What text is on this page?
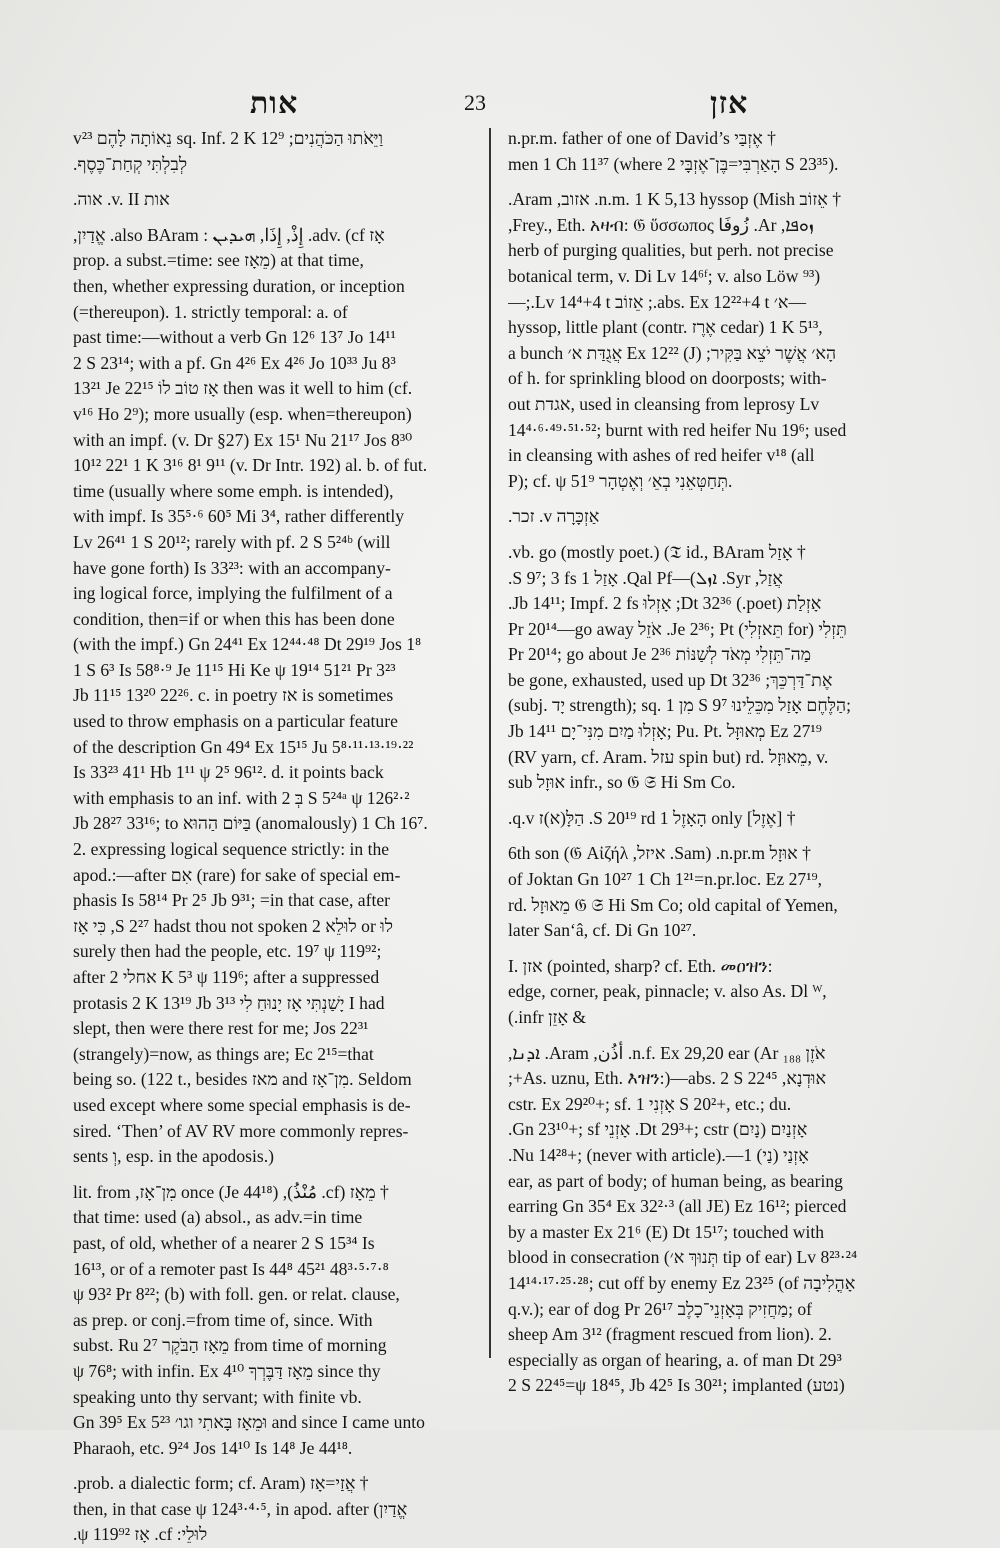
אות	23	אזן
וַיֵּאֹתוּ הַכֹּהֲנִים; sq. Inf. 2 K 12⁹ נֵאוֹתָה לָהֶם v²³
לְבִלְתִּי קְחַת־כֶּסֶף.
אות v. II. אוה.
אָז adv. (cf. ﺇِذْ, ﺇِذَا, ܗܝܕܝܢ : also BAram. אֱדַיִן,
prop. a subst.=time: see מֵאָז) at that time,
then, whether expressing duration, or inception
(=thereupon). 1. strictly temporal: a. of
past time:—without a verb Gn 12⁶ 13⁷ Jo 14¹¹
2 S 23¹⁴; with a pf. Gn 4²⁶ Ex 4²⁶ Jo 10³³ Ju 8³
13²¹ Je 22¹⁵ אָז טוֹב לוֹ then was it well to him (cf.
v¹⁶ Ho 2⁹); more usually (esp. when=thereupon)
with an impf. (v. Dr §27) Ex 15¹ Nu 21¹⁷ Jos 8³⁰
10¹² 22¹ 1 K 3¹⁶ 8¹ 9¹¹ (v. Dr Intr. 192) al. b. of fut.
time (usually where some emph. is intended),
with impf. Is 35⁵·⁶ 60⁵ Mi 3⁴, rather differently
Lv 26⁴¹ 1 S 20¹²; rarely with pf. 2 S 5²⁴ᵇ (will
have gone forth) Is 33²³: with an accompany-
ing logical force, implying the fulfilment of a
condition, then=if or when this has been done
(with the impf.) Gn 24⁴¹ Ex 12⁴⁴·⁴⁸ Dt 29¹⁹ Jos 1⁸
1 S 6³ Is 58⁸·⁹ Je 11¹⁵ Hi Ke ψ 19¹⁴ 51²¹ Pr 3²³
Jb 11¹⁵ 13²⁰ 22²⁶. c. in poetry אז is sometimes
used to throw emphasis on a particular feature
of the description Gn 49⁴ Ex 15¹⁵ Ju 5⁸·¹¹·¹³·¹⁹·²²
Is 33²³ 41¹ Hb 1¹¹ ψ 2⁵ 96¹². d. it points back
with emphasis to an inf. with בְּ 2 S 5²⁴ᵃ ψ 126²·²
Jb 28²⁷ 33¹⁶; to בַּיּוֹם הַהוּא (anomalously) 1 Ch 16⁷.
2. expressing logical sequence strictly: in the
apod.:—after אִם (rare) for sake of special em-
phasis Is 58¹⁴ Pr 2⁵ Jb 9³¹; =in that case, after
לוּ or לוּלֵא 2 S 2²⁷ hadst thou not spoken, כִּי אָז
surely then had the people, etc. 19⁷ ψ 119⁹²;
after אחלי 2 K 5³ ψ 119⁶; after a suppressed
protasis 2 K 13¹⁹ Jb 3¹³ יָשַׁנְתִּי אָז יָנוּחַ לִי I had
slept, then were there rest for me; Jos 22³¹
(strangely)=now, as things are; Ec 2¹⁵=that
being so. (122 t., besides מאז and מִן־אָז. Seldom
used except where some special emphasis is de-
sired. ‘Then’ of AV RV more commonly repres-
sents וְ, esp. in the apodosis.)
† מֵאָז (cf. مُنْذُ), once (Je 44¹⁸) מִן־אָז, lit. from
that time: used (a) absol., as adv.=in time
past, of old, whether of a nearer 2 S 15³⁴ Is
16¹³, or of a remoter past Is 44⁸ 45²¹ 48³·⁵·⁷·⁸
ψ 93² Pr 8²²; (b) with foll. gen. or relat. clause,
as prep. or conj.=from time of, since. With
subst. Ru 2⁷ מֵאָז הַבֹּקֶר from time of morning
ψ 76⁸; with infin. Ex 4¹⁰ מֵאָז דַּבֶּרְךָ since thy
speaking unto thy servant; with finite vb.
Gn 39⁵ Ex 5²³ וּמֵאָז בָּאתִי וגו׳ and since I came unto
Pharaoh, etc. 9²⁴ Jos 14¹⁰ Is 14⁸ Je 44¹⁸.
† אֲזַי=אָז (prob. a dialectic form; cf. Aram.
אֱדַיִן) then, in that case ψ 124³·⁴·⁵, in apod. after
לוּלֵי: cf. אָז ψ 119⁹².
† אֶזְבַּי n.pr.m. father of one of David’s
men 1 Ch 11³⁷ (where הָאַרְבִּי=בֶּן־אֶזְבָּי 2 S 23³⁵).
† אֵזוֹב n.m. 1 K 5,13 hyssop (Mish. אזוב, Aram.
ܙܘܦܐ, Ar. زُوفَا Frey., Eth. አዛብ: 𝔊 ὕσσωπος,
herb of purging qualities, but perh. not precise
botanical term, v. Di Lv 14⁶ᶠ; v. also Löw ⁹³)
—א׳ abs. Ex 12²²+4 t.; אֵזוֹב Lv 14⁴+4 t.;—
hyssop, little plant (contr. אֶרֶז cedar) 1 K 5¹³,
הָא׳ אֲשֶׁר יֹצֵא בַּקִּיר; Ex 12²² (J) אֲגֻדַּת א׳ a bunch
of h. for sprinkling blood on doorposts; with-
out אגדת, used in cleansing from leprosy Lv
14⁴·⁶·⁴⁹·⁵¹·⁵²; burnt with red heifer Nu 19⁶; used
in cleansing with ashes of red heifer v¹⁸ (all
P); cf. ψ 51⁹ תְּחַטְּאֵנִי בְאֵ׳ וְאֶטְהָר.
אַזְכָּרָה v. זכר.
† אָזַל vb. go (mostly poet.) (𝔗 id., BAram.
אֲזַל, Syr. ܐܙܠ)—Qal Pf. אָזַל 1 S 9⁷; 3 fs.
אָזְלַת (poet.) Dt 32³⁶; אָזְלוּ Jb 14¹¹; Impf. 2 fs.
תֵּזְלִי (for תֵּאזְלִי) Je 2³⁶; Pt. אֹזֵל Pr 20¹⁴—go away
Pr 20¹⁴; go about Je 2³⁶ מַה־תֵּזְלִי מְאֹד לְשַׁנּוֹת
אֶת־דַּרְכֵּךְ; be gone, exhausted, used up Dt 32³⁶
(subj. יָד strength); sq. מִן 1 S 9⁷ הַלֶּחֶם אָזַל מִכֵּלֵינוּ;
Jb 14¹¹ אָזְלוּ מַיִם מִנִּי־יָם; Pu. Pt. מְאוּזָּל Ez 27¹⁹
(RV yarn, cf. Aram. עזל spin but) rd. מֵאוּזָל, v.
sub אוּזָל infr., so 𝔊 𝔖 Hi Sm Co.
† [אֶזֶל] only הָאָזֶל 1 S 20¹⁹ rd. הַלָּ(א)ז q.v.
† אוּזָל n.pr.m. (Sam. איזל, 𝔊 Αἰζήλ) 6th son
of Joktan Gn 10²⁷ 1 Ch 1²¹=n.pr.loc. Ez 27¹⁹,
rd. מֵאוּזָל 𝔊 𝔖 Hi Sm Co; old capital of Yemen,
later San‘â, cf. Di Gn 10²⁷.
I. אזן (pointed, sharp? cf. Eth. መዐዝን:
edge, corner, peak, pinnacle; v. also As. Dl ᵂ,
& אָזֵן infr.)
אֹזֶן ₁₈₈ n.f. Ex 29,20 ear (Ar. أُذُن, Aram. ܐܕܢܐ,
אוּדְנָא, As. uznu, Eth. እዝን:)—abs. 2 S 22⁴⁵+;
cstr. Ex 29²⁰+; sf. אָזְנִי 1 S 20²+, etc.; du.
אָזְנַיִם (נָיִם) Dt 29³+; cstr. אָזְנֵי Gn 23¹⁰+; sf.
אָזְנַי (נַי) Nu 14²⁸+; (never with article).—1.
ear, as part of body; of human being, as bearing
earring Gn 35⁴ Ex 32²·³ (all JE) Ez 16¹²; pierced
by a master Ex 21⁶ (E) Dt 15¹⁷; touched with
blood in consecration (תְּנוּךְ א׳ tip of ear) Lv 8²³·²⁴
14¹⁴·¹⁷·²⁵·²⁸; cut off by enemy Ez 23²⁵ (of אָהֳלִיבָה
q.v.); ear of dog Pr 26¹⁷ מַחֲזִיק בְּאָזְנֵי־כָלֶב; of
sheep Am 3¹² (fragment rescued from lion). 2.
especially as organ of hearing, a. of man Dt 29³
2 S 22⁴⁵=ψ 18⁴⁵, Jb 42⁵ Is 30²¹; implanted (נטע)
